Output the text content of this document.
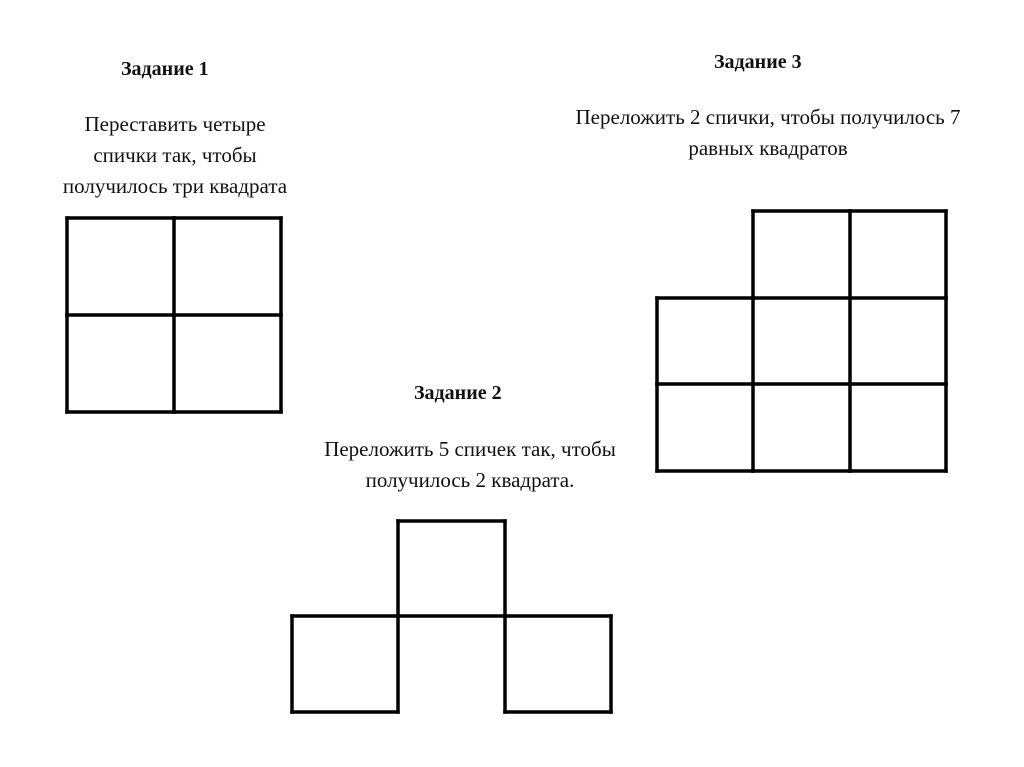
Задание 1
Переставить четыре
спички так, чтобы
получилось три квадрата
Задание 3
Переложить 2 спички, чтобы получилось 7
равных квадратов
Задание 2
Переложить 5 спичек так, чтобы
получилось 2 квадрата.
